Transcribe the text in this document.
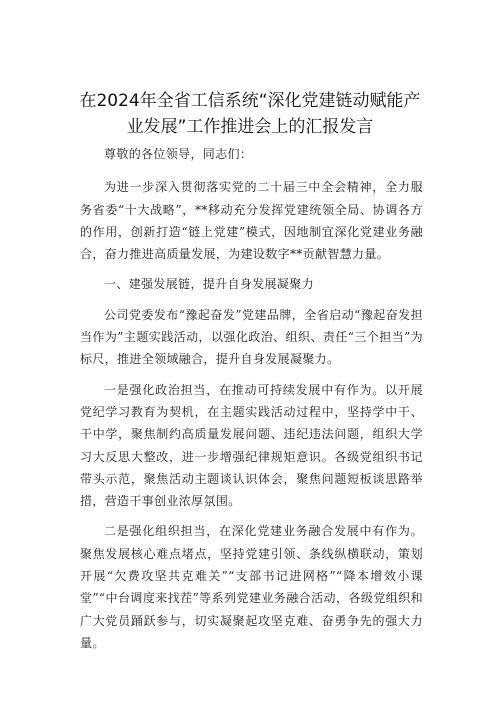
在2024年全省工信系统“深化党建链动赋能产
业发展”工作推进会上的汇报发言

尊敬的各位领导，同志们：

为进一步深入贯彻落实党的二十届三中全会精神，全力服务省委“十大战略”，**移动充分发挥党建统领全局、协调各方的作用，创新打造“链上党建”模式，因地制宜深化党建业务融合，奋力推进高质量发展，为建设数字**贡献智慧力量。

一、建强发展链，提升自身发展凝聚力

公司党委发布“豫起奋发”党建品牌，全省启动“豫起奋发担当作为”主题实践活动，以强化政治、组织、责任“三个担当”为标尺，推进全领域融合，提升自身发展凝聚力。

一是强化政治担当，在推动可持续发展中有作为。以开展党纪学习教育为契机，在主题实践活动过程中，坚持学中干、干中学，聚焦制约高质量发展问题、违纪违法问题，组织大学习大反思大整改，进一步增强纪律规矩意识。各级党组织书记带头示范，聚焦活动主题谈认识体会，聚焦问题短板谈思路举措，营造干事创业浓厚氛围。

二是强化组织担当，在深化党建业务融合发展中有作为。聚焦发展核心难点堵点，坚持党建引领、条线纵横联动，策划开展“欠费攻坚共克难关”“支部书记进网格”“降本增效小课堂”“中台调度来找茬”等系列党建业务融合活动，各级党组织和广大党员踊跃参与，切实凝聚起攻坚克难、奋勇争先的强大力量。
